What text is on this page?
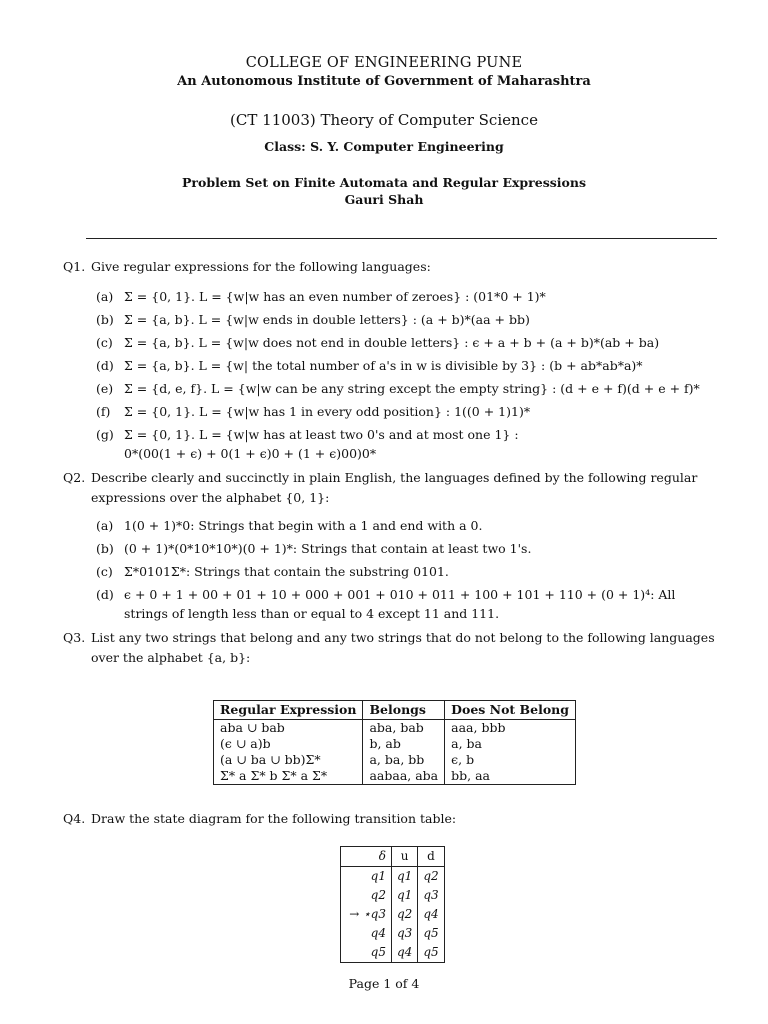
COLLEGE OF ENGINEERING PUNE
An Autonomous Institute of Government of Maharashtra
(CT 11003) Theory of Computer Science
Class: S. Y. Computer Engineering
Problem Set on Finite Automata and Regular Expressions
Gauri Shah
Q1. Give regular expressions for the following languages:
(a) Σ = {0, 1}. L = {w|w has an even number of zeroes} : (01*0 + 1)*
(b) Σ = {a, b}. L = {w|w ends in double letters} : (a + b)*(aa + bb)
(c) Σ = {a, b}. L = {w|w does not end in double letters} : ϵ + a + b + (a + b)*(ab + ba)
(d) Σ = {a, b}. L = {w| the total number of a's in w is divisible by 3} : (b + ab*ab*a)*
(e) Σ = {d, e, f}. L = {w|w can be any string except the empty string} : (d + e + f)(d + e + f)*
(f) Σ = {0, 1}. L = {w|w has 1 in every odd position} : 1((0 + 1)1)*
(g) Σ = {0, 1}. L = {w|w has at least two 0's and at most one 1} :
0*(00(1 + ϵ) + 0(1 + ϵ)0 + (1 + ϵ)00)0*
Q2. Describe clearly and succinctly in plain English, the languages defined by the following regular expressions over the alphabet {0, 1}:
(a) 1(0 + 1)*0: Strings that begin with a 1 and end with a 0.
(b) (0 + 1)*(0*10*10*)(0 + 1)*: Strings that contain at least two 1's.
(c) Σ*0101Σ*: Strings that contain the substring 0101.
(d) ϵ + 0 + 1 + 00 + 01 + 10 + 000 + 001 + 010 + 011 + 100 + 101 + 110 + (0 + 1)⁴: All strings of length less than or equal to 4 except 11 and 111.
Q3. List any two strings that belong and any two strings that do not belong to the following languages over the alphabet {a, b}:
Regular Expression	Belongs	Does Not Belong
aba ∪ bab	aba, bab	aaa, bbb
(ϵ ∪ a)b	b, ab	a, ba
(a ∪ ba ∪ bb)Σ*	a, ba, bb	ϵ, b
Σ* a Σ* b Σ* a Σ*	aabaa, aba	bb, aa
Q4. Draw the state diagram for the following transition table:
δ	u	d
q1	q1	q2
q2	q1	q3
→ ⋆q3	q2	q4
q4	q3	q5
q5	q4	q5
Page 1 of 4
